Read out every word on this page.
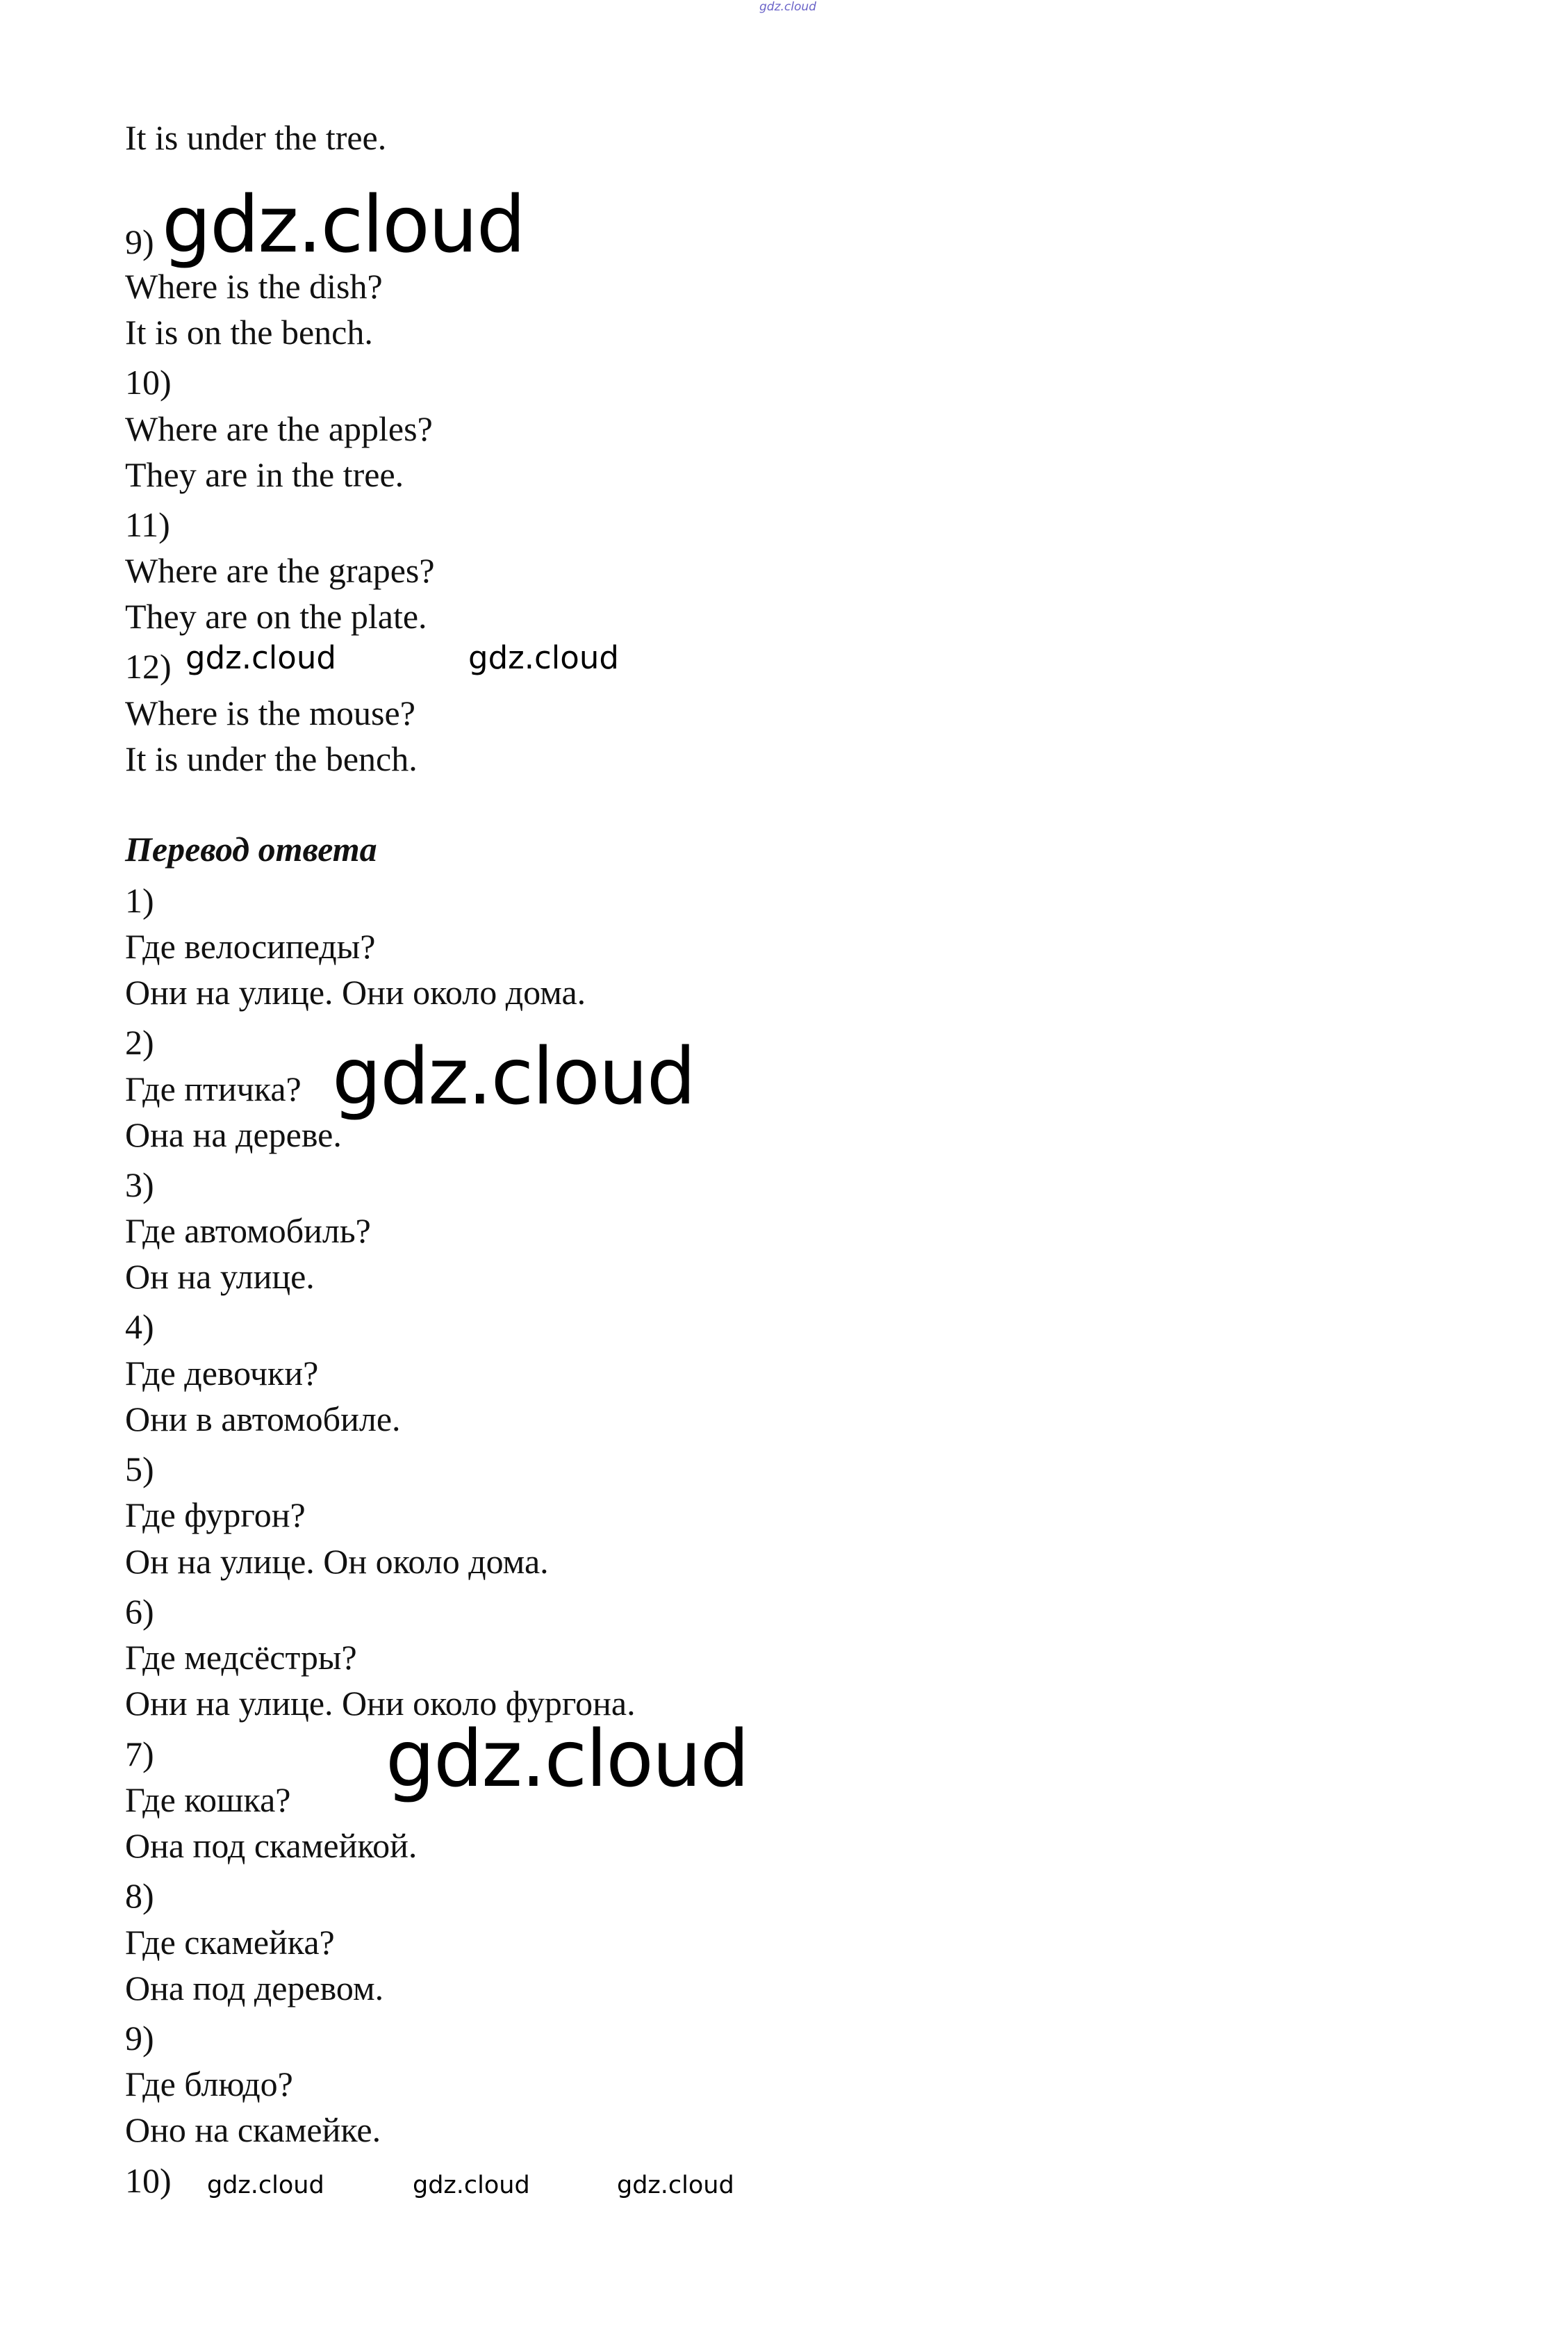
gdz.cloud
It is under the tree.
9)
Where is the dish?
It is on the bench.
10)
Where are the apples?
They are in the tree.
11)
Where are the grapes?
They are on the plate.
12)
Where is the mouse?
It is under the bench.
Перевод ответа
1)
Где велосипеды?
Они на улице. Они около дома.
2)
Где птичка?
Она на дереве.
3)
Где автомобиль?
Он на улице.
4)
Где девочки?
Они в автомобиле.
5)
Где фургон?
Он на улице. Он около дома.
6)
Где медсёстры?
Они на улице. Они около фургона.
7)
Где кошка?
Она под скамейкой.
8)
Где скамейка?
Она под деревом.
9)
Где блюдо?
Оно на скамейке.
10)
gdz.cloud
gdz.cloud	gdz.cloud
gdz.cloud
gdz.cloud
gdz.cloud	gdz.cloud	gdz.cloud
